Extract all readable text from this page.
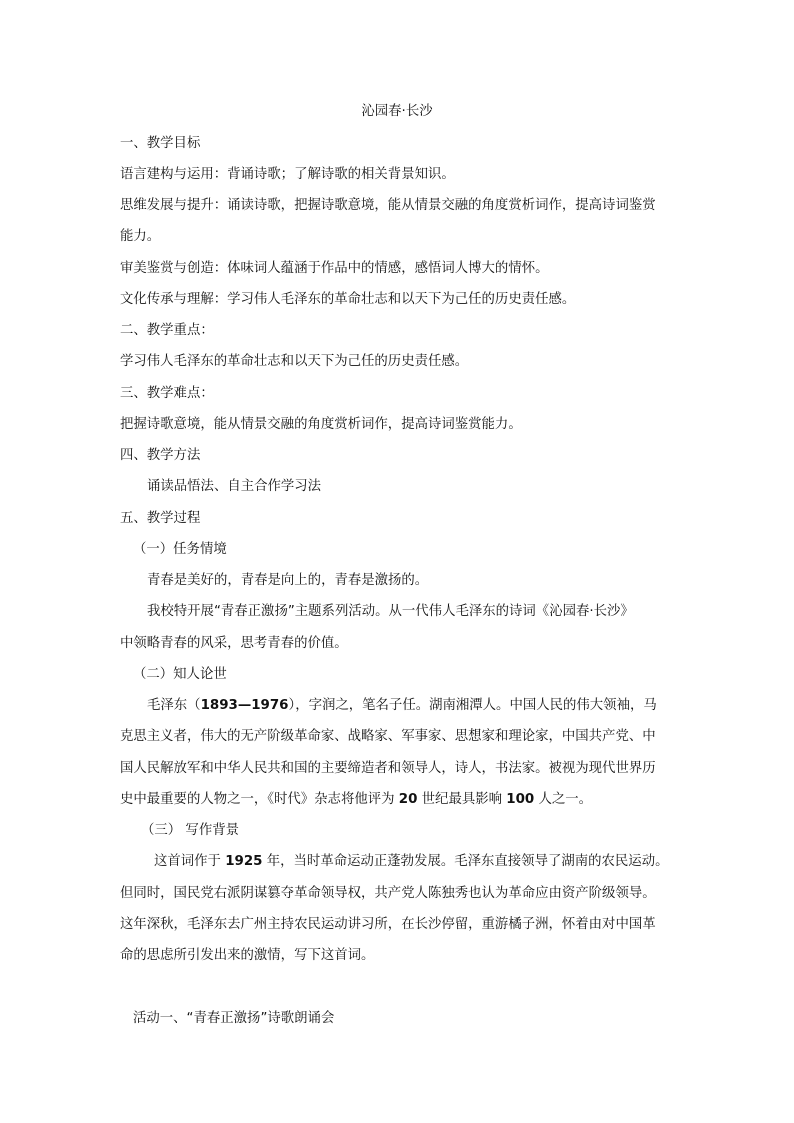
沁园春·长沙
一、教学目标
语言建构与运用：背诵诗歌；了解诗歌的相关背景知识。
思维发展与提升：诵读诗歌，把握诗歌意境，能从情景交融的角度赏析词作，提高诗词鉴赏
能力。
审美鉴赏与创造：体味词人蕴涵于作品中的情感，感悟词人博大的情怀。
文化传承与理解：学习伟人毛泽东的革命壮志和以天下为己任的历史责任感。
二、教学重点：
学习伟人毛泽东的革命壮志和以天下为己任的历史责任感。
三、教学难点：
把握诗歌意境，能从情景交融的角度赏析词作，提高诗词鉴赏能力。
四、教学方法
诵读品悟法、自主合作学习法
五、教学过程
（一）任务情境
青春是美好的，青春是向上的，青春是激扬的。
我校特开展“青春正激扬”主题系列活动。从一代伟人毛泽东的诗词《沁园春·长沙》
中领略青春的风采，思考青春的价值。
（二）知人论世
毛泽东（1893—1976），字润之，笔名子任。湖南湘潭人。中国人民的伟大领袖，马
克思主义者，伟大的无产阶级革命家、战略家、军事家、思想家和理论家，中国共产党、中
国人民解放军和中华人民共和国的主要缔造者和领导人，诗人，书法家。被视为现代世界历
史中最重要的人物之一，《时代》杂志将他评为 20 世纪最具影响 100 人之一。
（三） 写作背景
这首词作于 1925 年，当时革命运动正蓬勃发展。毛泽东直接领导了湖南的农民运动。
但同时，国民党右派阴谋篡夺革命领导权，共产党人陈独秀也认为革命应由资产阶级领导。
这年深秋，毛泽东去广州主持农民运动讲习所，在长沙停留，重游橘子洲，怀着由对中国革
命的思虑所引发出来的激情，写下这首词。
活动一、“青春正激扬”诗歌朗诵会
